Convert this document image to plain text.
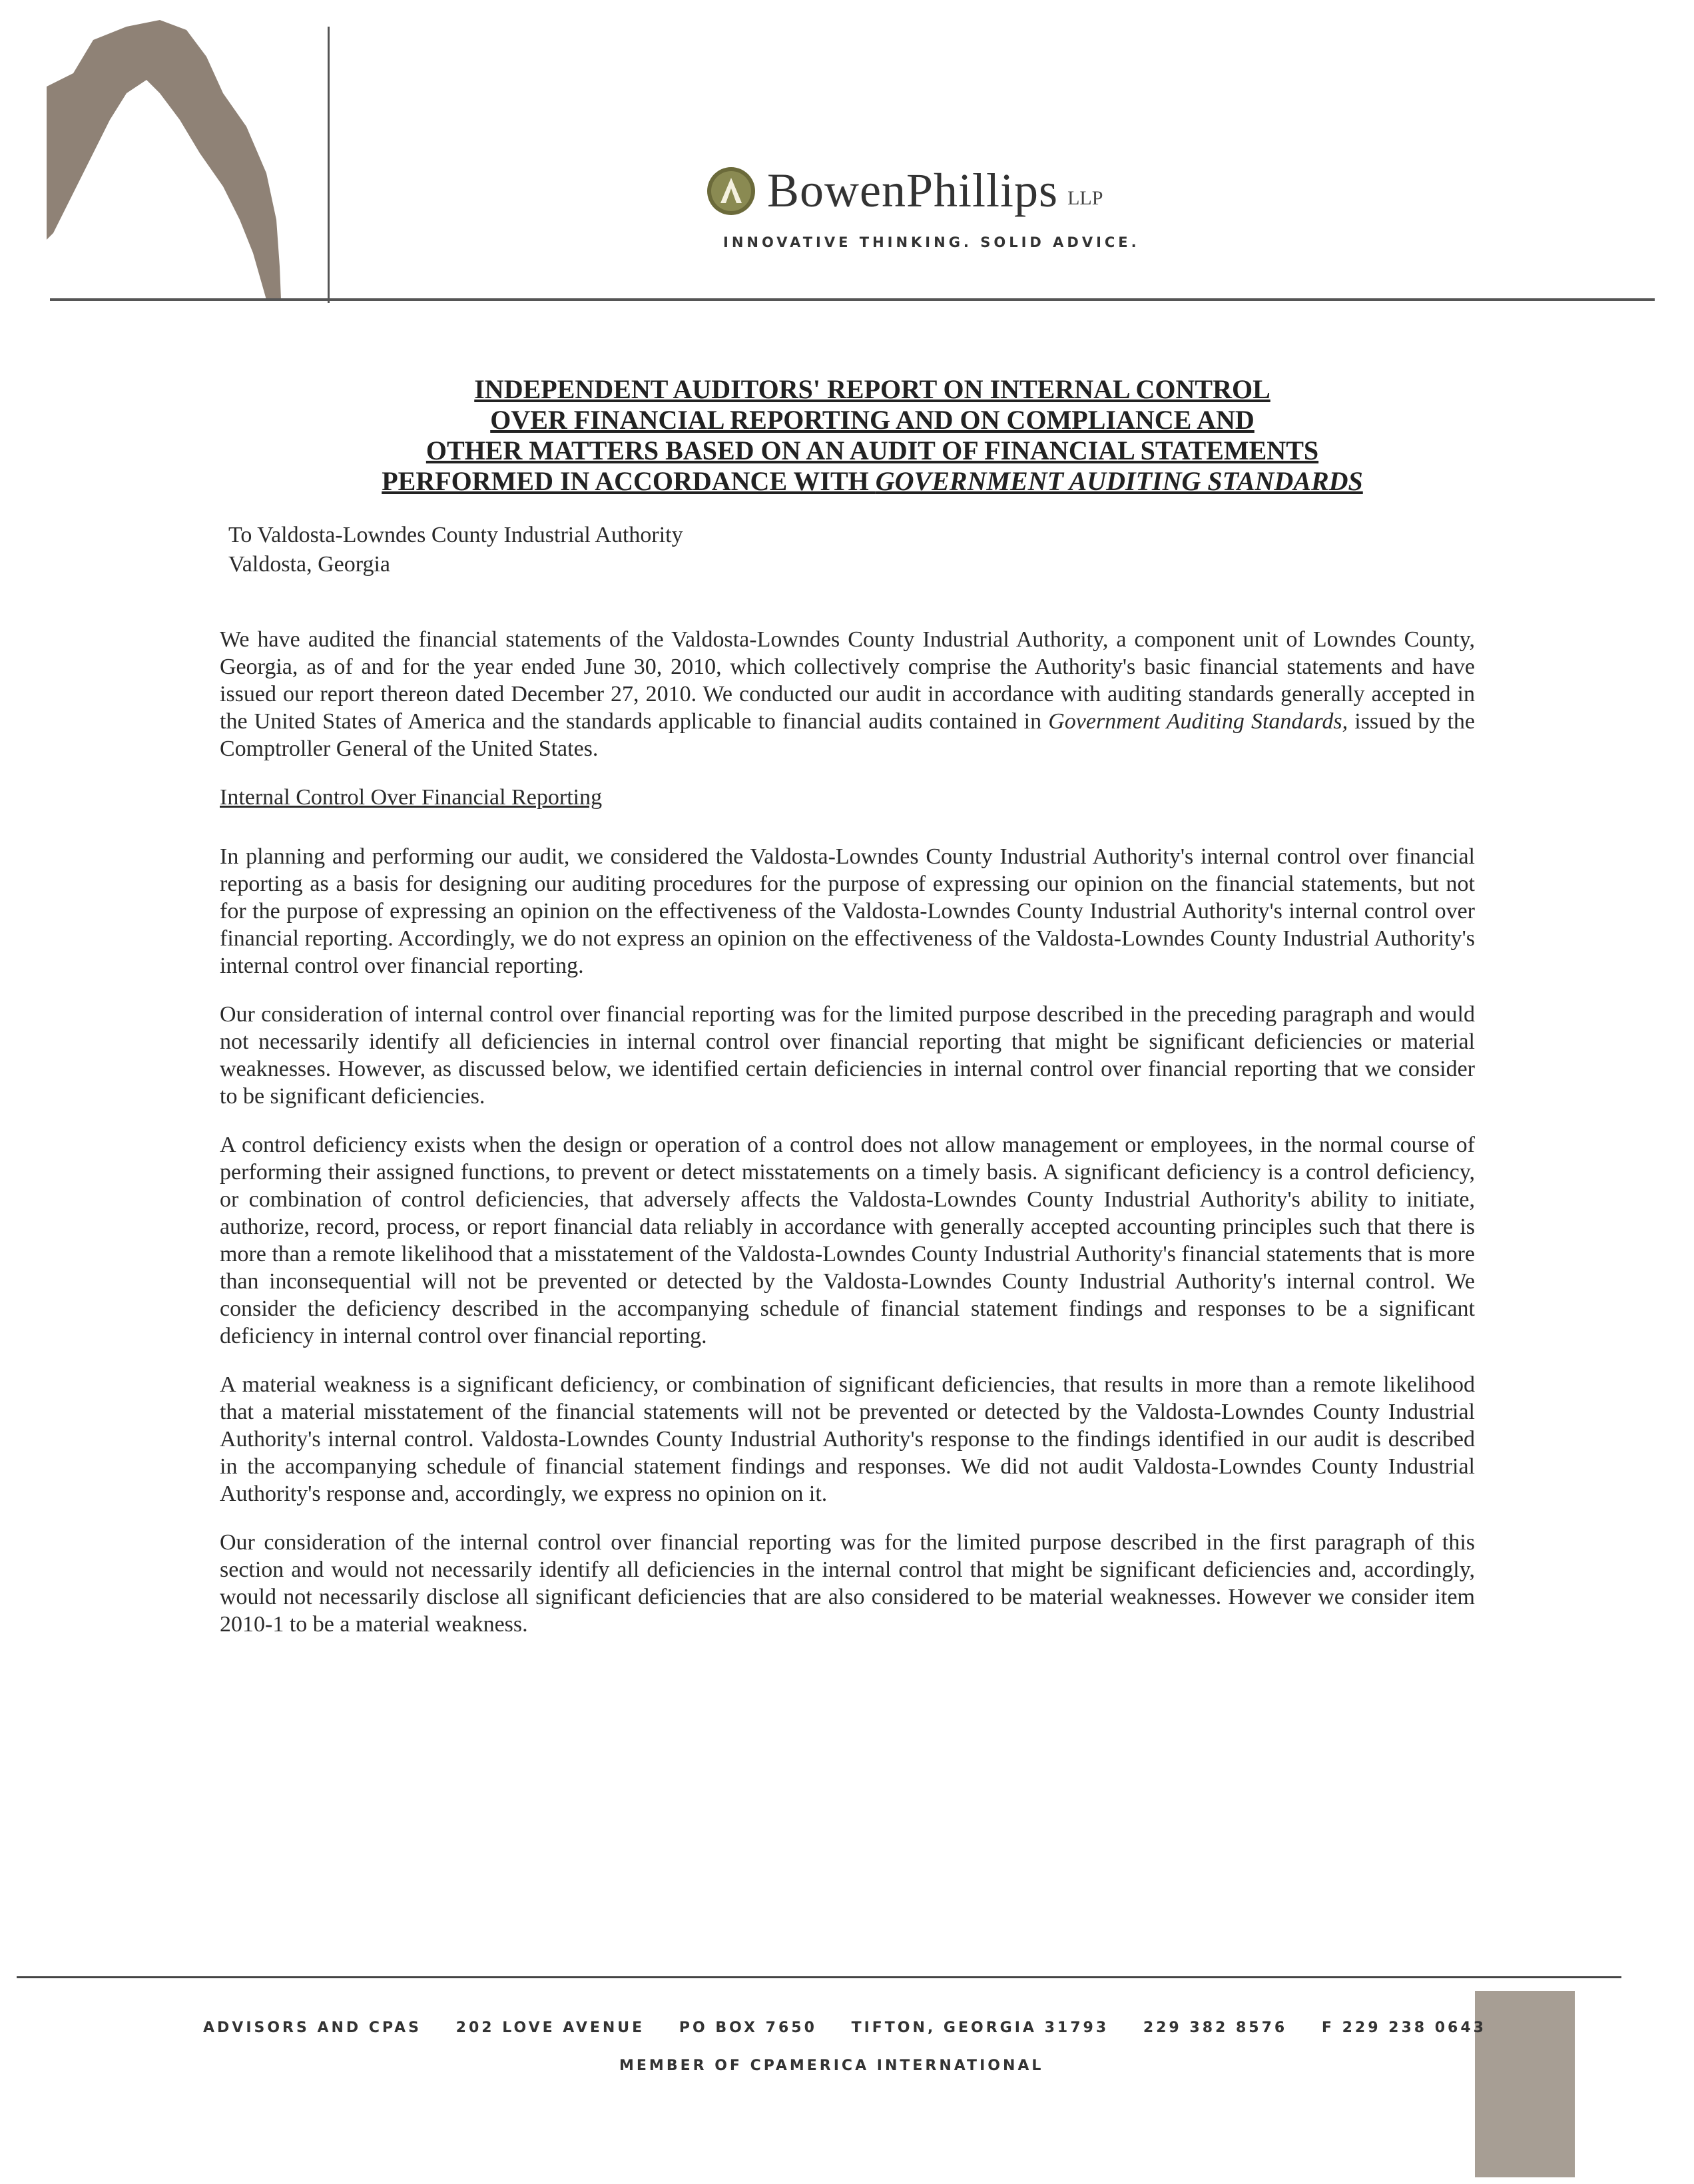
BowenPhillips LLP
INNOVATIVE THINKING. SOLID ADVICE.
INDEPENDENT AUDITORS' REPORT ON INTERNAL CONTROL
OVER FINANCIAL REPORTING AND ON COMPLIANCE AND
OTHER MATTERS BASED ON AN AUDIT OF FINANCIAL STATEMENTS
PERFORMED IN ACCORDANCE WITH GOVERNMENT AUDITING STANDARDS
To Valdosta-Lowndes County Industrial Authority
Valdosta, Georgia

We have audited the financial statements of the Valdosta-Lowndes County Industrial Authority, a component unit of Lowndes County, Georgia, as of and for the year ended June 30, 2010, which collectively comprise the Authority's basic financial statements and have issued our report thereon dated December 27, 2010. We conducted our audit in accordance with auditing standards generally accepted in the United States of America and the standards applicable to financial audits contained in Government Auditing Standards, issued by the Comptroller General of the United States.

Internal Control Over Financial Reporting

In planning and performing our audit, we considered the Valdosta-Lowndes County Industrial Authority's internal control over financial reporting as a basis for designing our auditing procedures for the purpose of expressing our opinion on the financial statements, but not for the purpose of expressing an opinion on the effectiveness of the Valdosta-Lowndes County Industrial Authority's internal control over financial reporting. Accordingly, we do not express an opinion on the effectiveness of the Valdosta-Lowndes County Industrial Authority's internal control over financial reporting.

Our consideration of internal control over financial reporting was for the limited purpose described in the preceding paragraph and would not necessarily identify all deficiencies in internal control over financial reporting that might be significant deficiencies or material weaknesses. However, as discussed below, we identified certain deficiencies in internal control over financial reporting that we consider to be significant deficiencies.

A control deficiency exists when the design or operation of a control does not allow management or employees, in the normal course of performing their assigned functions, to prevent or detect misstatements on a timely basis. A significant deficiency is a control deficiency, or combination of control deficiencies, that adversely affects the Valdosta-Lowndes County Industrial Authority's ability to initiate, authorize, record, process, or report financial data reliably in accordance with generally accepted accounting principles such that there is more than a remote likelihood that a misstatement of the Valdosta-Lowndes County Industrial Authority's financial statements that is more than inconsequential will not be prevented or detected by the Valdosta-Lowndes County Industrial Authority's internal control. We consider the deficiency described in the accompanying schedule of financial statement findings and responses to be a significant deficiency in internal control over financial reporting.

A material weakness is a significant deficiency, or combination of significant deficiencies, that results in more than a remote likelihood that a material misstatement of the financial statements will not be prevented or detected by the Valdosta-Lowndes County Industrial Authority's internal control. Valdosta-Lowndes County Industrial Authority's response to the findings identified in our audit is described in the accompanying schedule of financial statement findings and responses. We did not audit Valdosta-Lowndes County Industrial Authority's response and, accordingly, we express no opinion on it.

Our consideration of the internal control over financial reporting was for the limited purpose described in the first paragraph of this section and would not necessarily identify all deficiencies in the internal control that might be significant deficiencies and, accordingly, would not necessarily disclose all significant deficiencies that are also considered to be material weaknesses. However we consider item 2010-1 to be a material weakness.

ADVISORS AND CPAS 202 LOVE AVENUE PO BOX 7650 TIFTON, GEORGIA 31793 229 382 8576 F 229 238 0643
MEMBER OF CPAMERICA INTERNATIONAL
